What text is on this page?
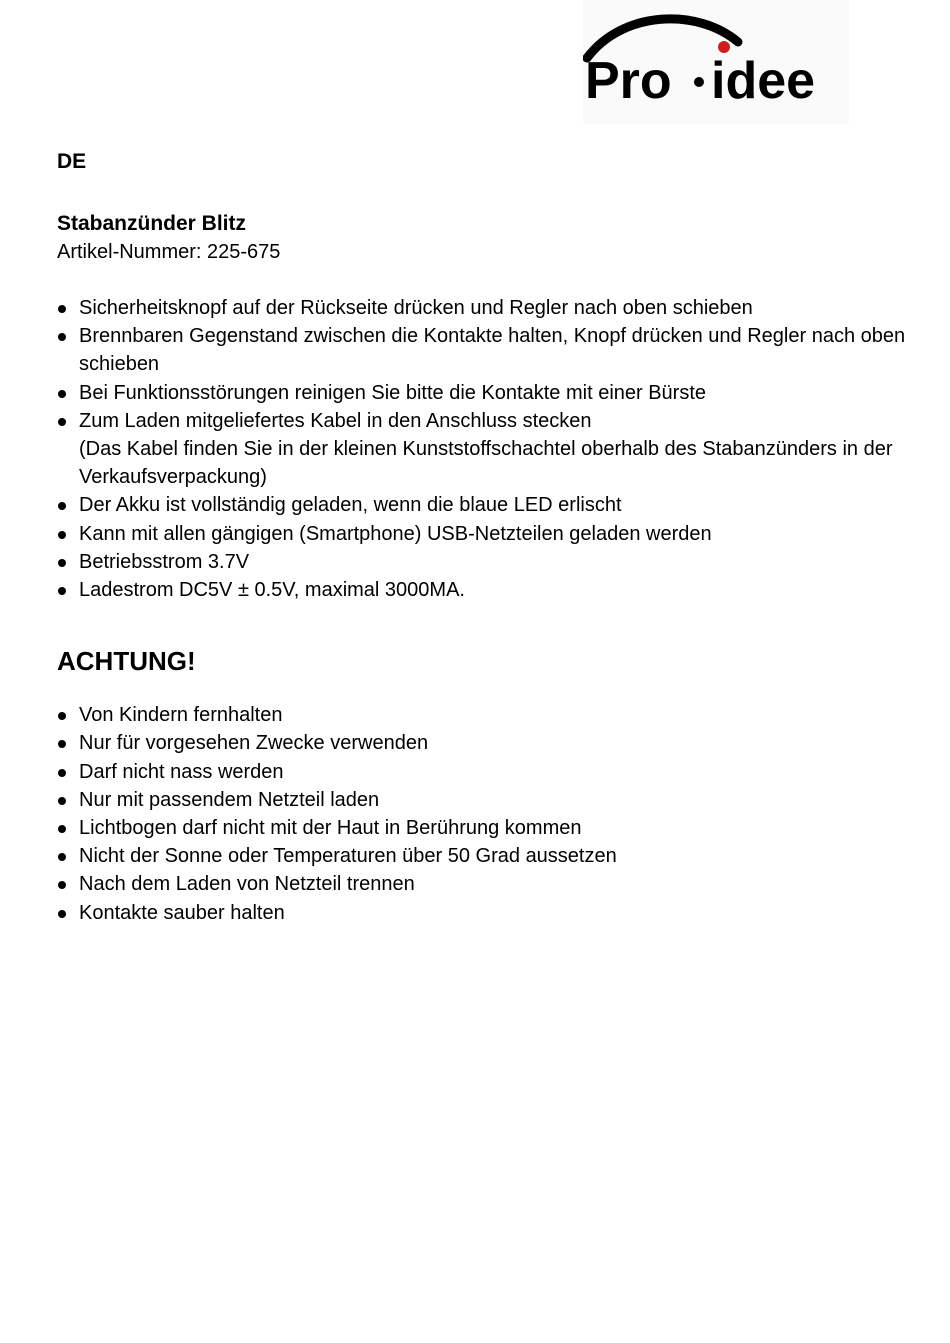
Pro idee

DE

Stabanzünder Blitz

Artikel-Nummer: 225-675

Sicherheitsknopf auf der Rückseite drücken und Regler nach oben schieben
Brennbaren Gegenstand zwischen die Kontakte halten, Knopf drücken und Regler nach oben schieben
Bei Funktionsstörungen reinigen Sie bitte die Kontakte mit einer Bürste
Zum Laden mitgeliefertes Kabel in den Anschluss stecken
(Das Kabel finden Sie in der kleinen Kunststoffschachtel oberhalb des Stabanzünders in der Verkaufsverpackung)
Der Akku ist vollständig geladen, wenn die blaue LED erlischt
Kann mit allen gängigen (Smartphone) USB-Netzteilen geladen werden
Betriebsstrom 3.7V
Ladestrom DC5V ± 0.5V, maximal 3000MA.

ACHTUNG!

Von Kindern fernhalten
Nur für vorgesehen Zwecke verwenden
Darf nicht nass werden
Nur mit passendem Netzteil laden
Lichtbogen darf nicht mit der Haut in Berührung kommen
Nicht der Sonne oder Temperaturen über 50 Grad aussetzen
Nach dem Laden von Netzteil trennen
Kontakte sauber halten
